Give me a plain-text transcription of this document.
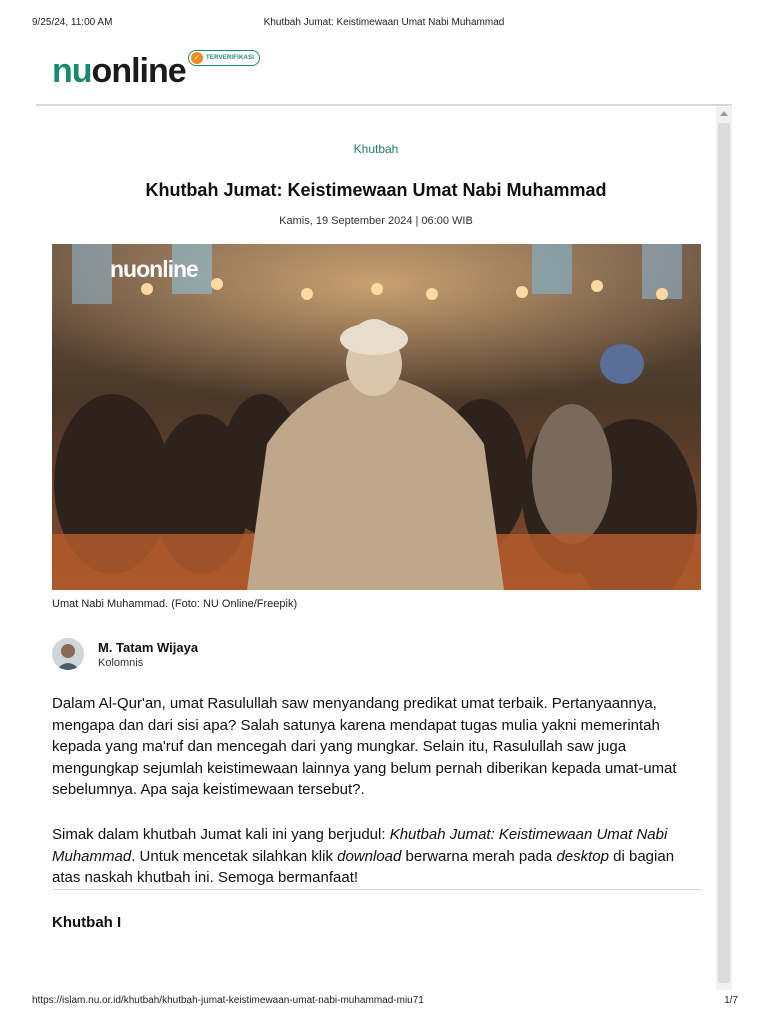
9/25/24, 11:00 AM	Khutbah Jumat: Keistimewaan Umat Nabi Muhammad
nuonline ✓ TERVERIFIKASI
Khutbah
Khutbah Jumat: Keistimewaan Umat Nabi Muhammad
Kamis, 19 September 2024 | 06:00 WIB
nuonline
Umat Nabi Muhammad. (Foto: NU Online/Freepik)
M. Tatam Wijaya
Kolomnis

Dalam Al-Qur'an, umat Rasulullah saw menyandang predikat umat terbaik. Pertanyaannya, mengapa dan dari sisi apa? Salah satunya karena mendapat tugas mulia yakni memerintah kepada yang ma'ruf dan mencegah dari yang mungkar. Selain itu, Rasulullah saw juga mengungkap sejumlah keistimewaan lainnya yang belum pernah diberikan kepada umat-umat sebelumnya. Apa saja keistimewaan tersebut?.

Simak dalam khutbah Jumat kali ini yang berjudul: Khutbah Jumat: Keistimewaan Umat Nabi Muhammad. Untuk mencetak silahkan klik download berwarna merah pada desktop di bagian atas naskah khutbah ini. Semoga bermanfaat!

Khutbah I
https://islam.nu.or.id/khutbah/khutbah-jumat-keistimewaan-umat-nabi-muhammad-miu71	1/7
